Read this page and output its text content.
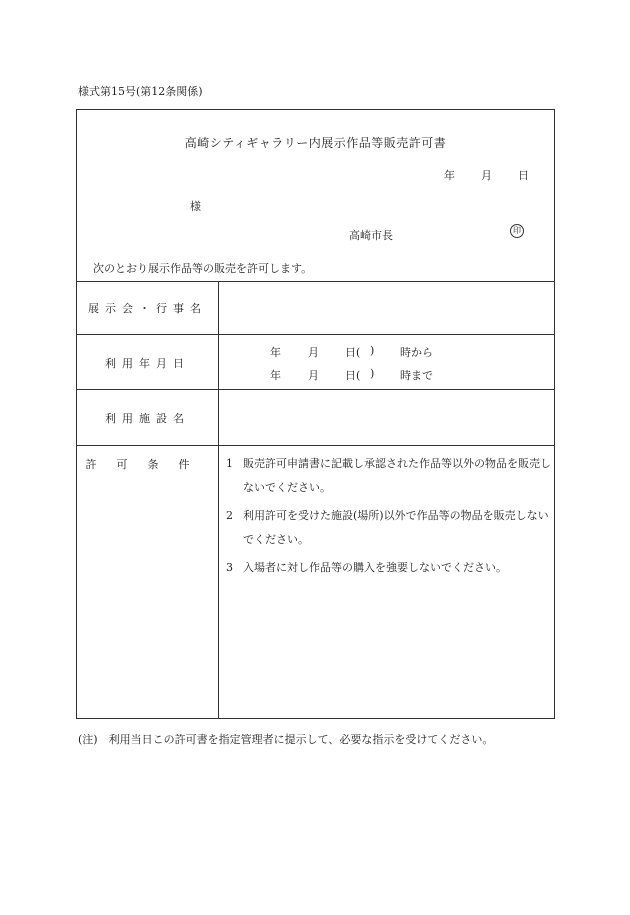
様式第15号(第12条関係)
高崎シティギャラリー内展示作品等販売許可書
年 月 日
様
高崎市長	印
次のとおり展示作品等の販売を許可します。
展示会・行事名
利用年月日
年 月 日( ) 時から
年 月 日( ) 時まで
利用施設名
許可条件	1 販売許可申請書に記載し承認された作品等以外の物品を販売しないでください。
2 利用許可を受けた施設(場所)以外で作品等の物品を販売しないでください。
3 入場者に対し作品等の購入を強要しないでください。
(注)　利用当日この許可書を指定管理者に提示して、必要な指示を受けてください。
